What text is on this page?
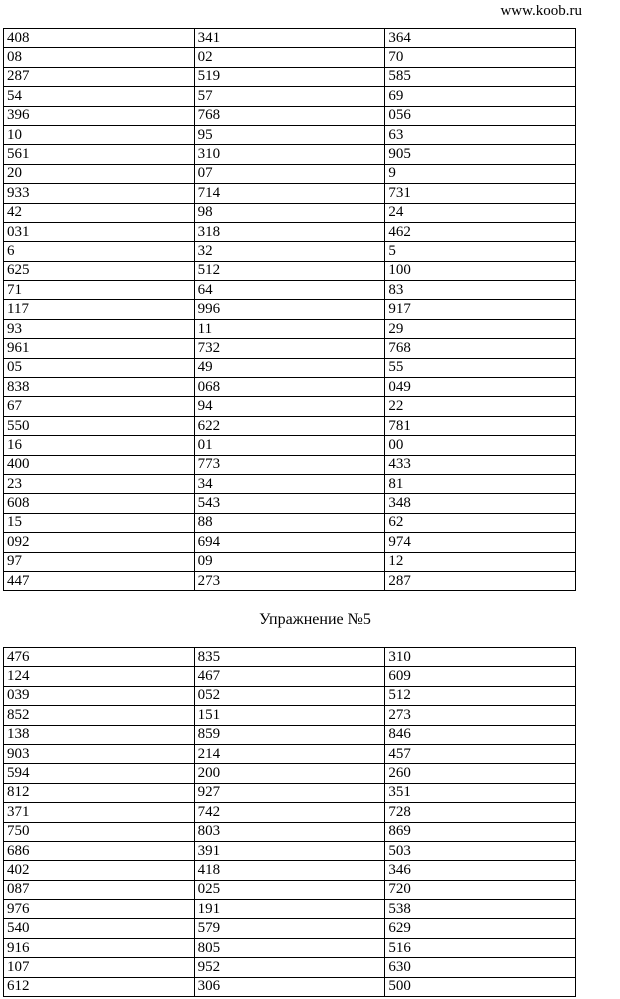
www.koob.ru
408	341	364
08	02	70
287	519	585
54	57	69
396	768	056
10	95	63
561	310	905
20	07	9
933	714	731
42	98	24
031	318	462
6	32	5
625	512	100
71	64	83
117	996	917
93	11	29
961	732	768
05	49	55
838	068	049
67	94	22
550	622	781
16	01	00
400	773	433
23	34	81
608	543	348
15	88	62
092	694	974
97	09	12
447	273	287
Упражнение №5
476	835	310
124	467	609
039	052	512
852	151	273
138	859	846
903	214	457
594	200	260
812	927	351
371	742	728
750	803	869
686	391	503
402	418	346
087	025	720
976	191	538
540	579	629
916	805	516
107	952	630
612	306	500
